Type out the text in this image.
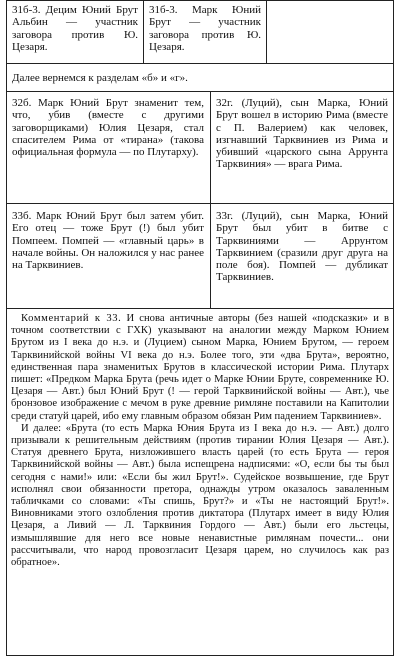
31б-3. Децим Юний Брут Альбин — участник заговора против Ю. Цезаря.
31б-3. Марк Юний Брут — участник заговора против Ю. Цезаря.
Далее вернемся к разделам «б» и «г».
32б. Марк Юний Брут знаменит тем, что, убив (вместе с другими заговорщиками) Юлия Цезаря, стал спасителем Рима от «тирана» (такова официальная формула — по Плутарху).
32г. (Луций), сын Марка, Юний Брут вошел в историю Рима (вместе с П. Валерием) как человек, изгнавший Тарквиниев из Рима и убивший «царского сына Аррунта Тарквиния» — врага Рима.
33б. Марк Юний Брут был затем убит. Его отец — тоже Брут (!) был убит Помпеем. Помпей — «главный царь» в начале войны. Он наложился у нас ранее на Тарквиниев.
33г. (Луций), сын Марка, Юний Брут был убит в битве с Тарквиниями — Аррунтом Тарквинием (сразили друг друга на поле боя). Помпей — дубликат Тарквиниев.

Комментарий к 33. И снова античные авторы (без нашей «подсказки» и в точном соответствии с ГХК) указывают на аналогии между Марком Юнием Брутом из I века до н.э. и (Луцием) сыном Марка, Юнием Брутом, — героем Тарквинийской войны VI века до н.э. Более того, эти «два Брута», вероятно, единственная пара знаменитых Брутов в классической истории Рима. Плутарх пишет: «Предком Марка Брута (речь идет о Марке Юнии Бруте, современнике Ю. Цезаря — Авт.) был Юний Брут (! — герой Тарквинийской войны — Авт.), чье бронзовое изображение с мечом в руке древние римляне поставили на Капитолии среди статуй царей, ибо ему главным образом обязан Рим падением Тарквиниев».

И далее: «Брута (то есть Марка Юния Брута из I века до н.э. — Авт.) долго призывали к решительным действиям (против тирании Юлия Цезаря — Авт.). Статуя древнего Брута, низложившего власть царей (то есть Брута — героя Тарквинийской войны — Авт.) была испещрена надписями: «О, если бы ты был сегодня с нами!» или: «Если бы жил Брут!». Судейское возвышение, где Брут исполнял свои обязанности претора, однажды утром оказалось заваленным табличками со словами: «Ты спишь, Брут?» и «Ты не настоящий Брут!». Виновниками этого озлобления против диктатора (Плутарх имеет в виду Юлия Цезаря, а Ливий — Л. Тарквиния Гордого — Авт.) были его льстецы, измышлявшие для него все новые ненавистные римлянам почести... они рассчитывали, что народ провозгласит Цезаря царем, но случилось как раз обратное».
